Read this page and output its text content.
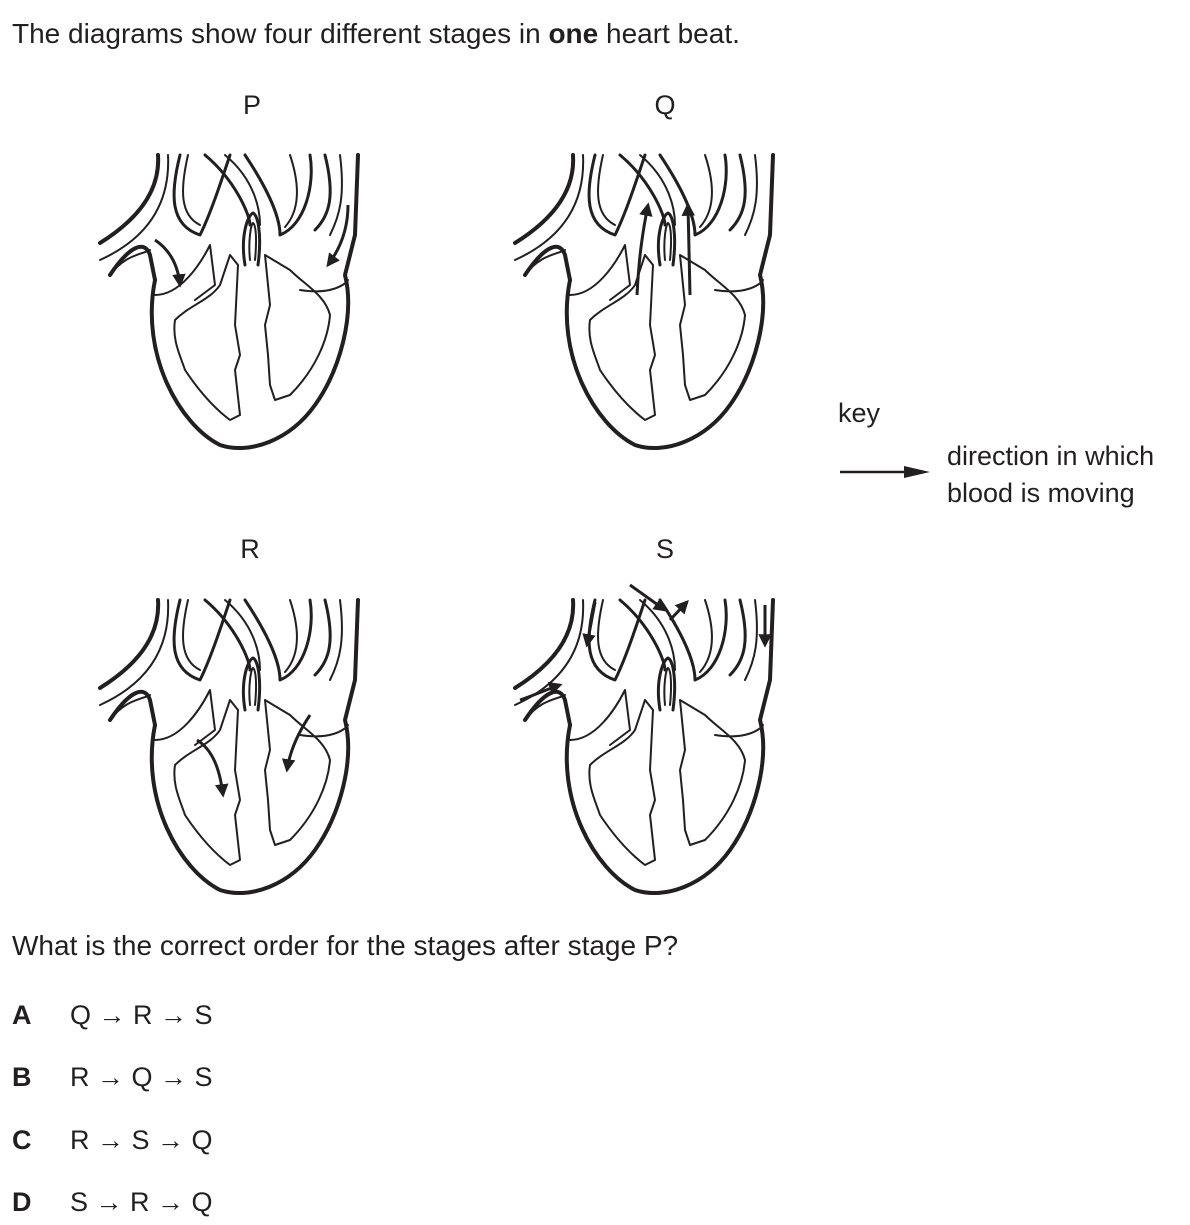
The diagrams show four different stages in one heart beat.
P	Q
R	S
key
direction in which
blood is moving
What is the correct order for the stages after stage P?
A Q → R → S
B R → Q → S
C R → S → Q
D S → R → Q
